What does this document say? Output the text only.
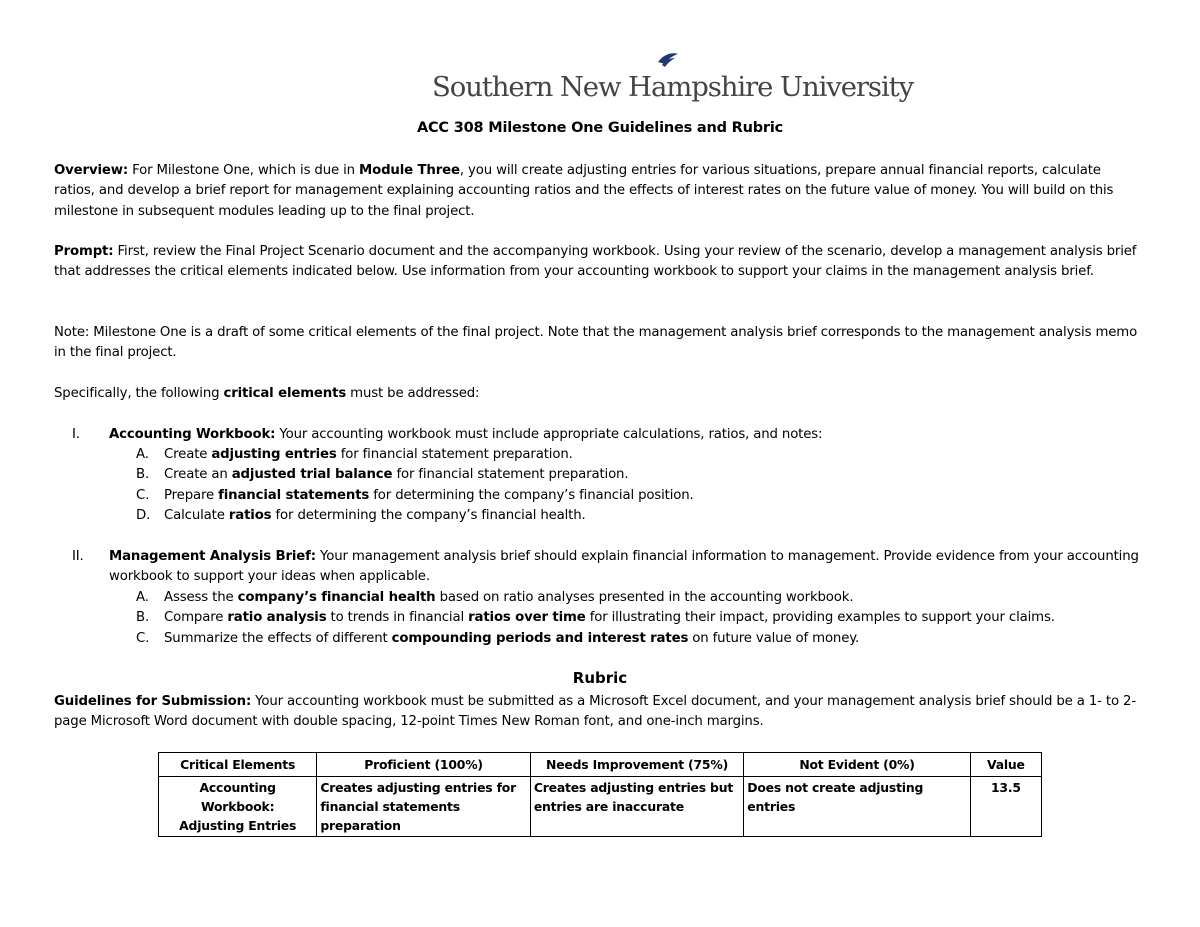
Southern New Hampshire University
ACC 308 Milestone One Guidelines and Rubric
Overview: For Milestone One, which is due in Module Three, you will create adjusting entries for various situations, prepare annual financial reports, calculate ratios, and develop a brief report for management explaining accounting ratios and the effects of interest rates on the future value of money. You will build on this milestone in subsequent modules leading up to the final project.
Prompt: First, review the Final Project Scenario document and the accompanying workbook. Using your review of the scenario, develop a management analysis brief that addresses the critical elements indicated below. Use information from your accounting workbook to support your claims in the management analysis brief.
Note: Milestone One is a draft of some critical elements of the final project. Note that the management analysis brief corresponds to the management analysis memo in the final project.
Specifically, the following critical elements must be addressed:
I. Accounting Workbook: Your accounting workbook must include appropriate calculations, ratios, and notes:
A. Create adjusting entries for financial statement preparation.
B. Create an adjusted trial balance for financial statement preparation.
C. Prepare financial statements for determining the company’s financial position.
D. Calculate ratios for determining the company’s financial health.
II. Management Analysis Brief: Your management analysis brief should explain financial information to management. Provide evidence from your accounting workbook to support your ideas when applicable.
A. Assess the company’s financial health based on ratio analyses presented in the accounting workbook.
B. Compare ratio analysis to trends in financial ratios over time for illustrating their impact, providing examples to support your claims.
C. Summarize the effects of different compounding periods and interest rates on future value of money.
Rubric
Guidelines for Submission: Your accounting workbook must be submitted as a Microsoft Excel document, and your management analysis brief should be a 1- to 2-page Microsoft Word document with double spacing, 12-point Times New Roman font, and one-inch margins.
Critical Elements	Proficient (100%)	Needs Improvement (75%)	Not Evident (0%)	Value
Accounting Workbook:
Adjusting Entries	Creates adjusting entries for financial statements preparation	Creates adjusting entries but entries are inaccurate	Does not create adjusting entries	13.5
